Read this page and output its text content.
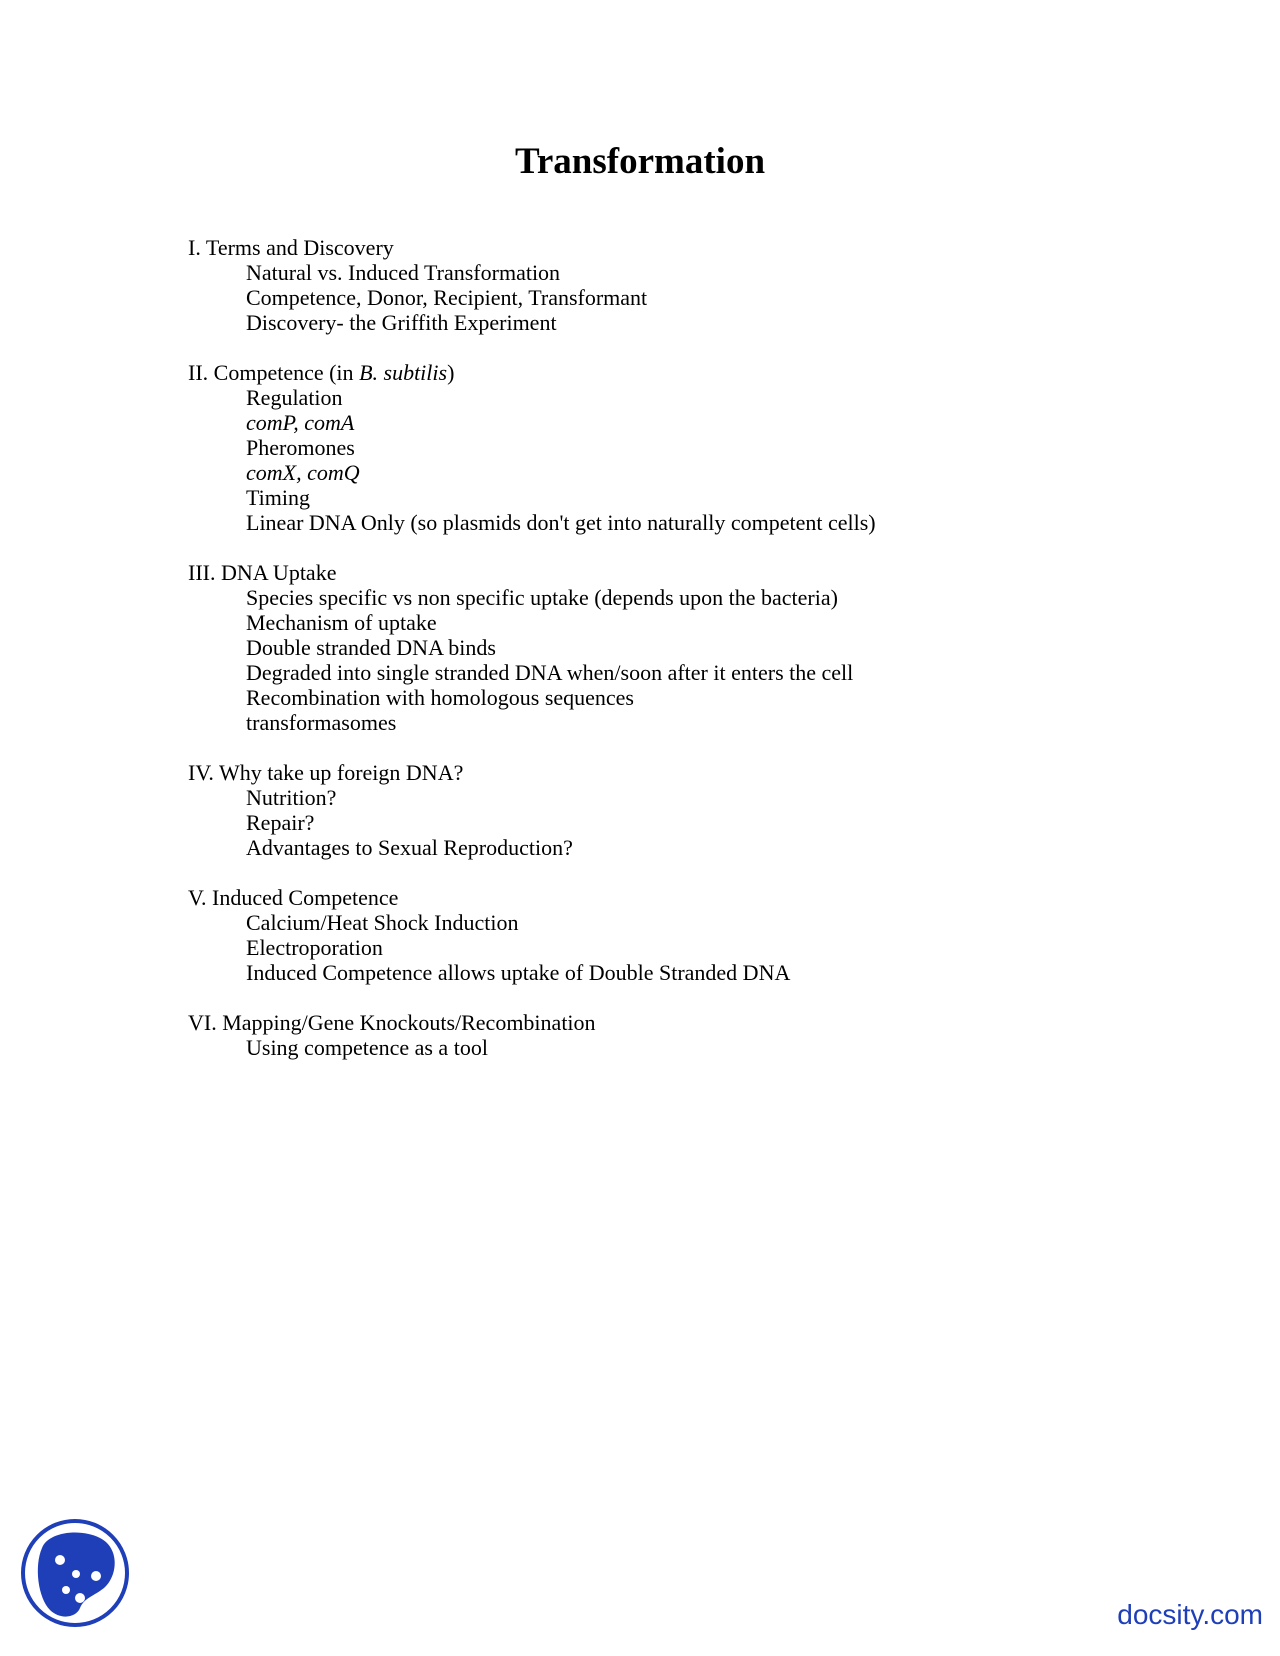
Transformation
I. Terms and Discovery
Natural vs. Induced Transformation
Competence, Donor, Recipient, Transformant
Discovery- the Griffith Experiment
II. Competence (in B. subtilis)
Regulation
comP, comA
Pheromones
comX, comQ
Timing
Linear DNA Only (so plasmids don't get into naturally competent cells)
III. DNA Uptake
Species specific vs non specific uptake (depends upon the bacteria)
Mechanism of uptake
Double stranded DNA binds
Degraded into single stranded DNA when/soon after it enters the cell
Recombination with homologous sequences
transformasomes
IV. Why take up foreign DNA?
Nutrition?
Repair?
Advantages to Sexual Reproduction?
V. Induced Competence
Calcium/Heat Shock Induction
Electroporation
Induced Competence allows uptake of Double Stranded DNA
VI. Mapping/Gene Knockouts/Recombination
Using competence as a tool
docsity.com
